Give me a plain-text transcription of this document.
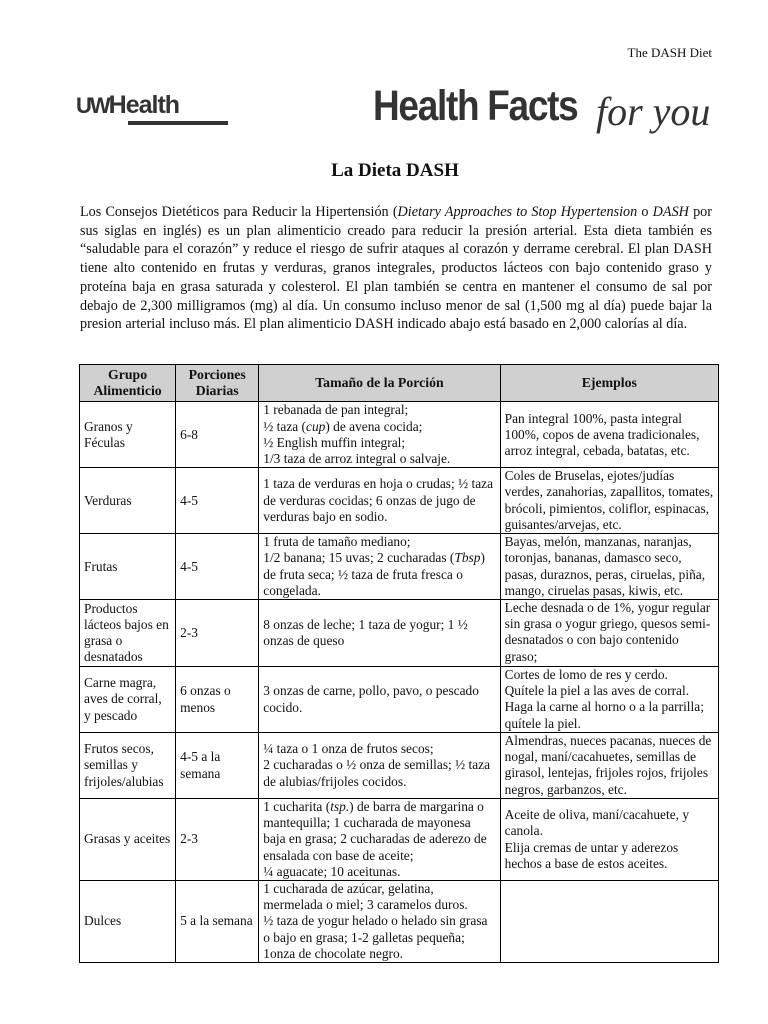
The DASH Diet
UWHealth	Health Facts for you
La Dieta DASH
Los Consejos Dietéticos para Reducir la Hipertensión (Dietary Approaches to Stop Hypertension o DASH por sus siglas en inglés) es un plan alimenticio creado para reducir la presión arterial. Esta dieta también es “saludable para el corazón” y reduce el riesgo de sufrir ataques al corazón y derrame cerebral. El plan DASH tiene alto contenido en frutas y verduras, granos integrales, productos lácteos con bajo contenido graso y proteína baja en grasa saturada y colesterol. El plan también se centra en mantener el consumo de sal por debajo de 2,300 milligramos (mg) al día. Un consumo incluso menor de sal (1,500 mg al día) puede bajar la presion arterial incluso más. El plan alimenticio DASH indicado abajo está basado en 2,000 calorías al día.
Grupo Alimenticio	Porciones Diarias	Tamaño de la Porción	Ejemplos
Granos y Féculas	6-8	1 rebanada de pan integral;
½ taza (cup) de avena cocida;
½ English muffin integral;
1/3 taza de arroz integral o salvaje.	Pan integral 100%, pasta integral 100%, copos de avena tradicionales, arroz integral, cebada, batatas, etc.
Verduras	4-5	1 taza de verduras en hoja o crudas; ½ taza de verduras cocidas; 6 onzas de jugo de verduras bajo en sodio.	Coles de Bruselas, ejotes/judías verdes, zanahorias, zapallitos, tomates, brócoli, pimientos, coliflor, espinacas, guisantes/arvejas, etc.
Frutas	4-5	1 fruta de tamaño mediano;
1/2 banana; 15 uvas; 2 cucharadas (Tbsp) de fruta seca; ½ taza de fruta fresca o congelada.	Bayas, melón, manzanas, naranjas, toronjas, bananas, damasco seco, pasas, duraznos, peras, ciruelas, piña, mango, ciruelas pasas, kiwis, etc.
Productos lácteos bajos en grasa o desnatados	2-3	8 onzas de leche; 1 taza de yogur; 1 ½ onzas de queso	Leche desnada o de 1%, yogur regular sin grasa o yogur griego, quesos semi-desnatados o con bajo contenido graso;
Carne magra, aves de corral, y pescado	6 onzas o menos	3 onzas de carne, pollo, pavo, o pescado cocido.	Cortes de lomo de res y cerdo.
Quítele la piel a las aves de corral.
Haga la carne al horno o a la parrilla; quítele la piel.
Frutos secos, semillas y frijoles/alubias	4-5 a la semana	¼ taza o 1 onza de frutos secos;
2 cucharadas o ½ onza de semillas; ½ taza de alubias/frijoles cocidos.	Almendras, nueces pacanas, nueces de nogal, maní/cacahuetes, semillas de girasol, lentejas, frijoles rojos, frijoles negros, garbanzos, etc.
Grasas y aceites	2-3	1 cucharita (tsp.) de barra de margarina o mantequilla; 1 cucharada de mayonesa baja en grasa; 2 cucharadas de aderezo de ensalada con base de aceite;
¼ aguacate; 10 aceitunas.	Aceite de oliva, maní/cacahuete, y canola.
Elija cremas de untar y aderezos hechos a base de estos aceites.
Dulces	5 a la semana	1 cucharada de azúcar, gelatina, mermelada o miel; 3 caramelos duros.
½ taza de yogur helado o helado sin grasa o bajo en grasa; 1-2 galletas pequeña; 1onza de chocolate negro.	
